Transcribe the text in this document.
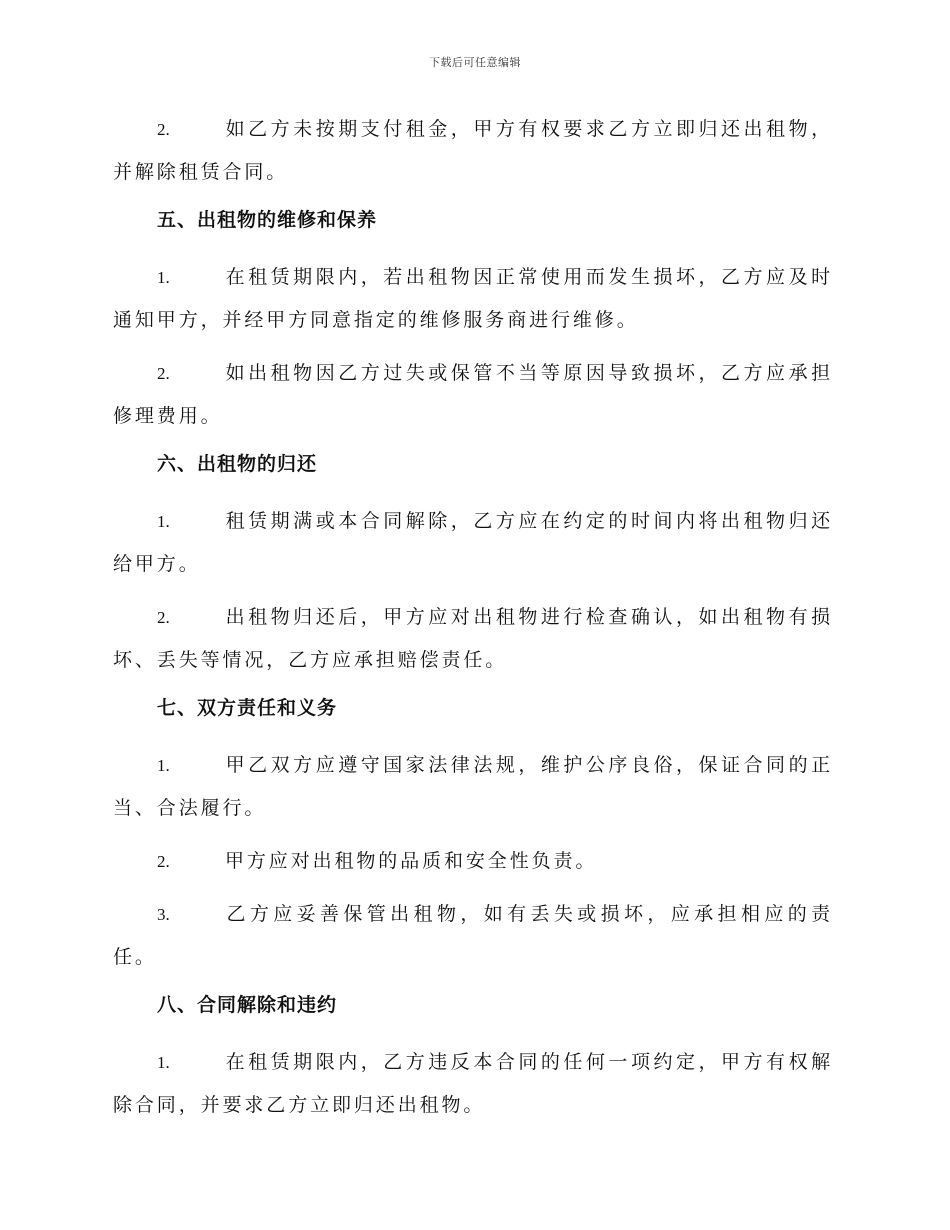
下载后可任意编辑
2.	如乙方未按期支付租金，甲方有权要求乙方立即归还出租物，并解除租赁合同。
五、出租物的维修和保养
1.	在租赁期限内，若出租物因正常使用而发生损坏，乙方应及时通知甲方，并经甲方同意指定的维修服务商进行维修。
2.	如出租物因乙方过失或保管不当等原因导致损坏，乙方应承担修理费用。
六、出租物的归还
1.	租赁期满或本合同解除，乙方应在约定的时间内将出租物归还给甲方。
2.	出租物归还后，甲方应对出租物进行检查确认，如出租物有损坏、丢失等情况，乙方应承担赔偿责任。
七、双方责任和义务
1.	甲乙双方应遵守国家法律法规，维护公序良俗，保证合同的正当、合法履行。
2.	甲方应对出租物的品质和安全性负责。
3.	乙方应妥善保管出租物，如有丢失或损坏，应承担相应的责任。
八、合同解除和违约
1.	在租赁期限内，乙方违反本合同的任何一项约定，甲方有权解除合同，并要求乙方立即归还出租物。
